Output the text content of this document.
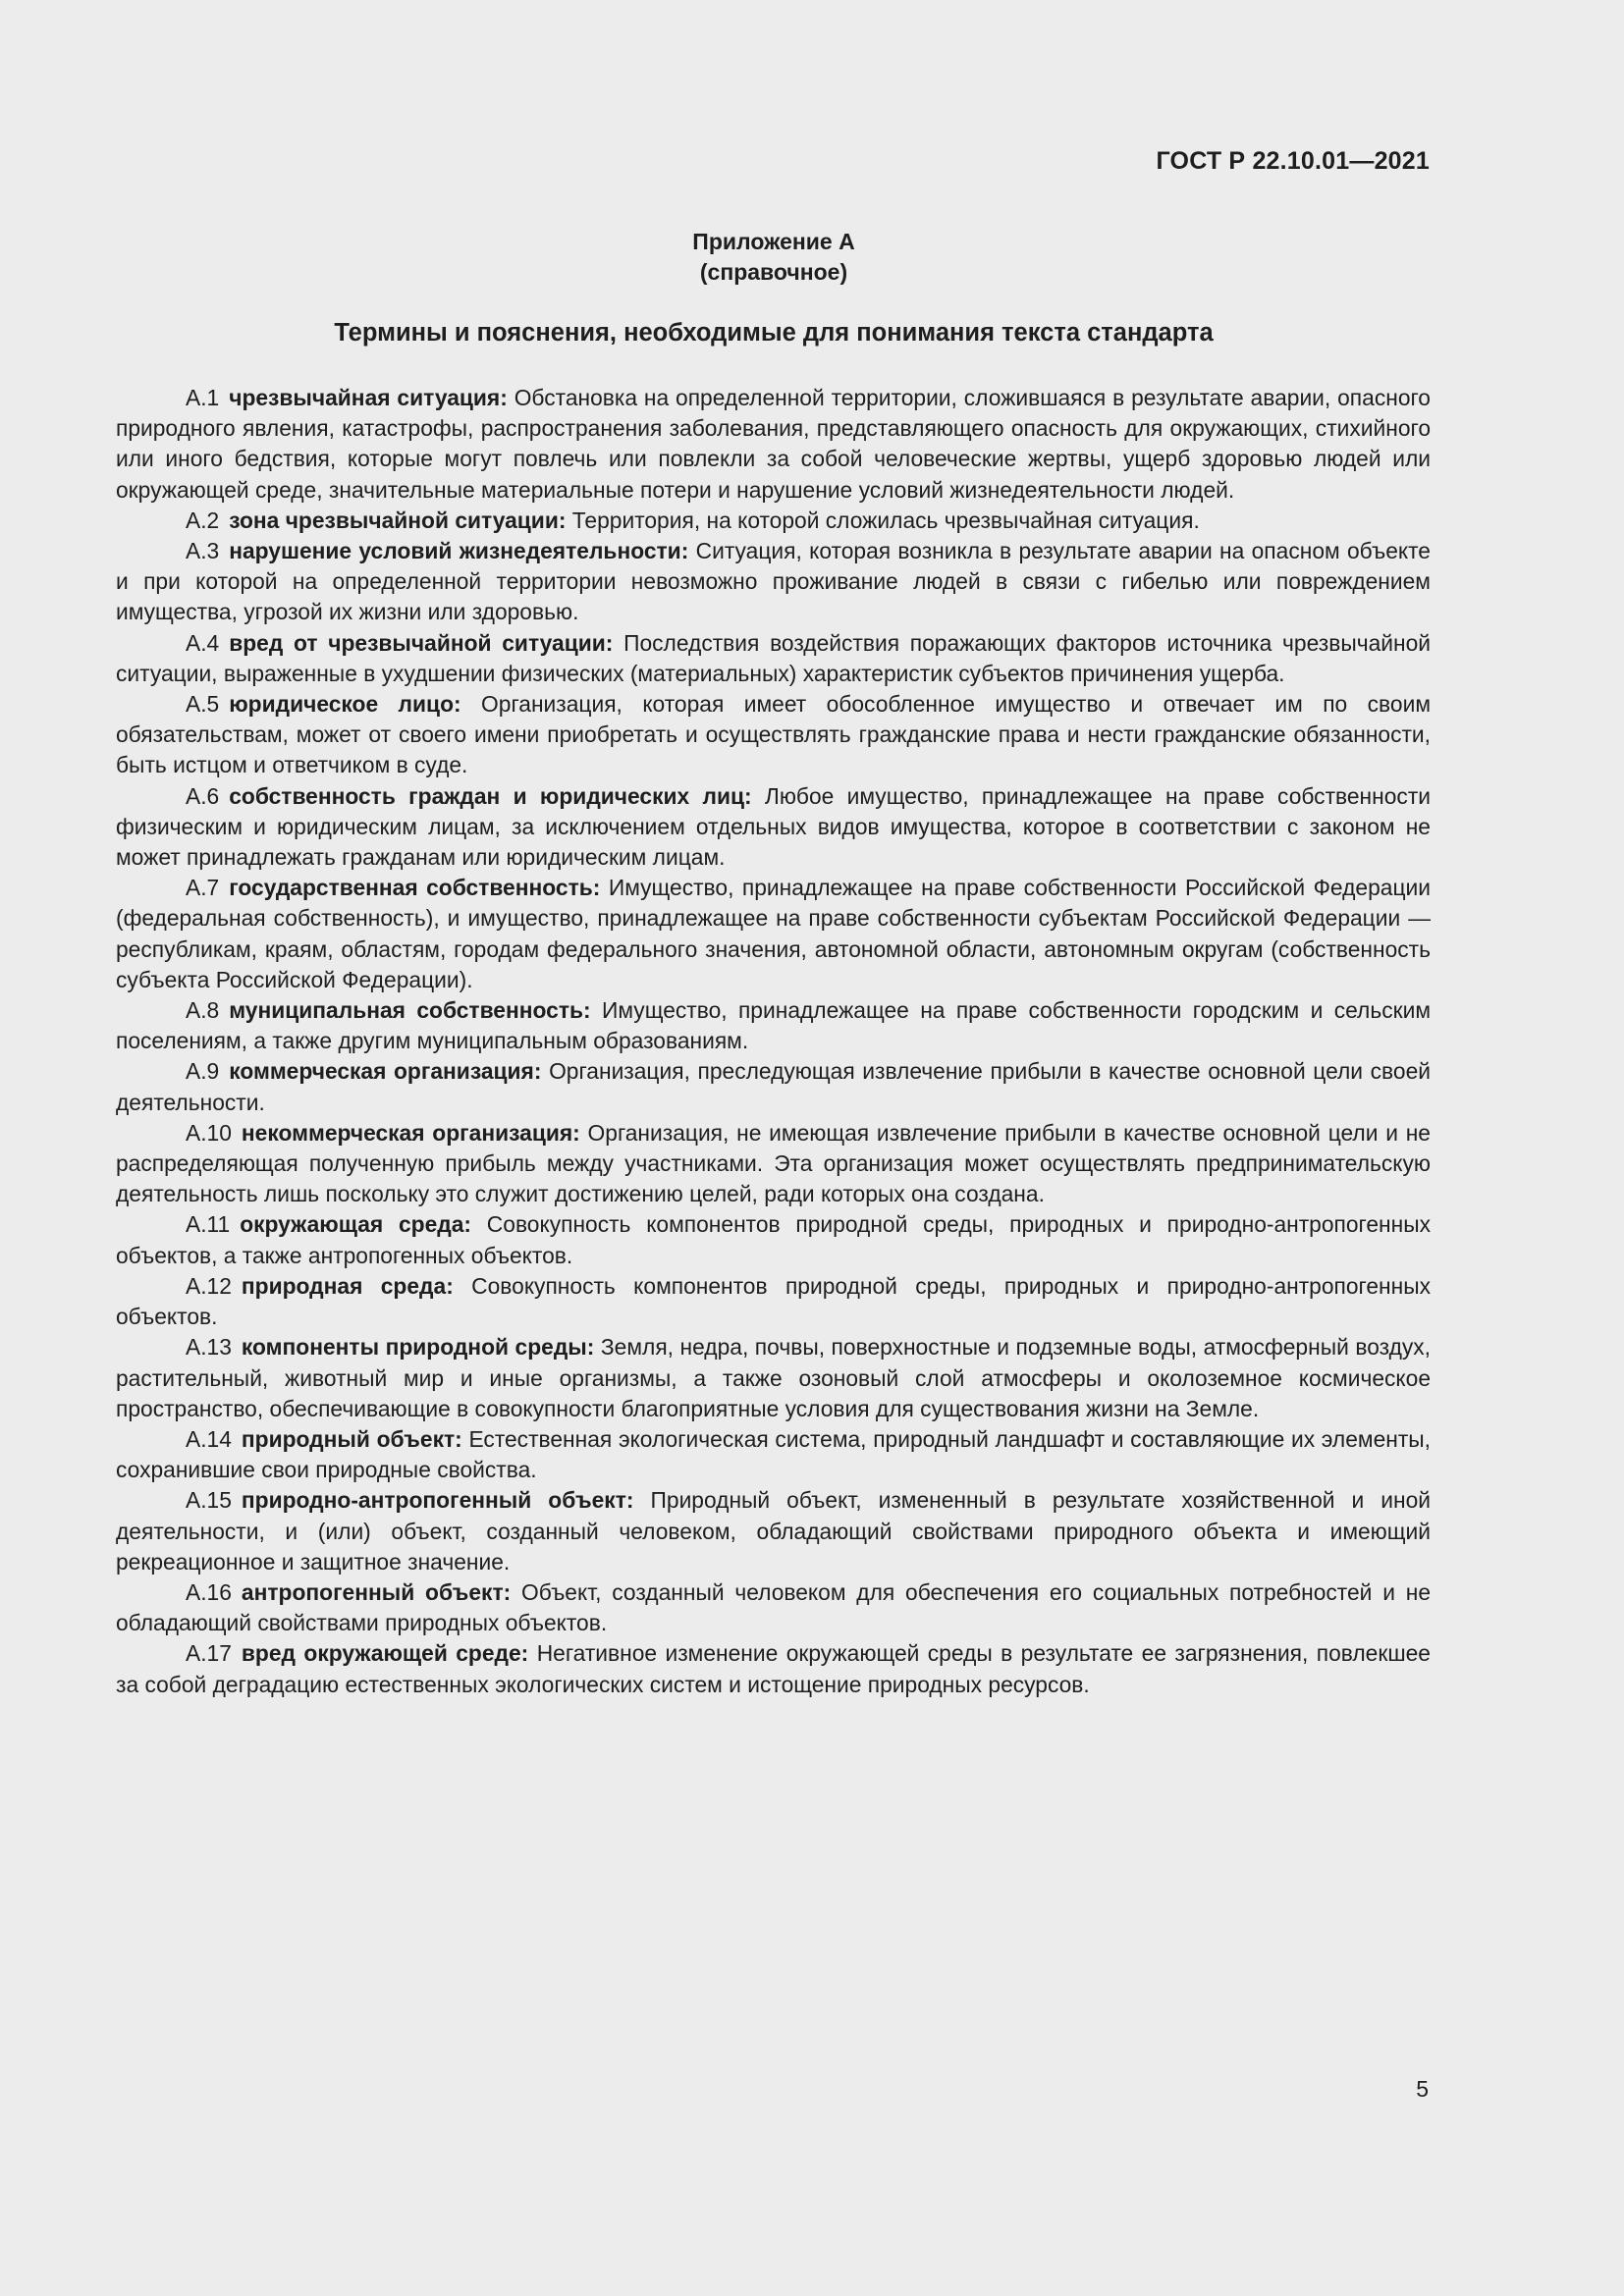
ГОСТ Р 22.10.01—2021
Приложение А
(справочное)
Термины и пояснения, необходимые для понимания текста стандарта

А.1 чрезвычайная ситуация: Обстановка на определенной территории, сложившаяся в результате аварии, опасного природного явления, катастрофы, распространения заболевания, представляющего опасность для окружающих, стихийного или иного бедствия, которые могут повлечь или повлекли за собой человеческие жертвы, ущерб здоровью людей или окружающей среде, значительные материальные потери и нарушение условий жизнедеятельности людей.

А.2 зона чрезвычайной ситуации: Территория, на которой сложилась чрезвычайная ситуация.

А.3 нарушение условий жизнедеятельности: Ситуация, которая возникла в результате аварии на опасном объекте и при которой на определенной территории невозможно проживание людей в связи с гибелью или повреждением имущества, угрозой их жизни или здоровью.

А.4 вред от чрезвычайной ситуации: Последствия воздействия поражающих факторов источника чрезвычайной ситуации, выраженные в ухудшении физических (материальных) характеристик субъектов причинения ущерба.

А.5 юридическое лицо: Организация, которая имеет обособленное имущество и отвечает им по своим обязательствам, может от своего имени приобретать и осуществлять гражданские права и нести гражданские обязанности, быть истцом и ответчиком в суде.

А.6 собственность граждан и юридических лиц: Любое имущество, принадлежащее на праве собственности физическим и юридическим лицам, за исключением отдельных видов имущества, которое в соответствии с законом не может принадлежать гражданам или юридическим лицам.

А.7 государственная собственность: Имущество, принадлежащее на праве собственности Российской Федерации (федеральная собственность), и имущество, принадлежащее на праве собственности субъектам Российской Федерации — республикам, краям, областям, городам федерального значения, автономной области, автономным округам (собственность субъекта Российской Федерации).

А.8 муниципальная собственность: Имущество, принадлежащее на праве собственности городским и сельским поселениям, а также другим муниципальным образованиям.

А.9 коммерческая организация: Организация, преследующая извлечение прибыли в качестве основной цели своей деятельности.

А.10 некоммерческая организация: Организация, не имеющая извлечение прибыли в качестве основной цели и не распределяющая полученную прибыль между участниками. Эта организация может осуществлять предпринимательскую деятельность лишь поскольку это служит достижению целей, ради которых она создана.

А.11 окружающая среда: Совокупность компонентов природной среды, природных и природно-антропогенных объектов, а также антропогенных объектов.

А.12 природная среда: Совокупность компонентов природной среды, природных и природно-антропогенных объектов.

А.13 компоненты природной среды: Земля, недра, почвы, поверхностные и подземные воды, атмосферный воздух, растительный, животный мир и иные организмы, а также озоновый слой атмосферы и околоземное космическое пространство, обеспечивающие в совокупности благоприятные условия для существования жизни на Земле.

А.14 природный объект: Естественная экологическая система, природный ландшафт и составляющие их элементы, сохранившие свои природные свойства.

А.15 природно-антропогенный объект: Природный объект, измененный в результате хозяйственной и иной деятельности, и (или) объект, созданный человеком, обладающий свойствами природного объекта и имеющий рекреационное и защитное значение.

А.16 антропогенный объект: Объект, созданный человеком для обеспечения его социальных потребностей и не обладающий свойствами природных объектов.

А.17 вред окружающей среде: Негативное изменение окружающей среды в результате ее загрязнения, повлекшее за собой деградацию естественных экологических систем и истощение природных ресурсов.

5
